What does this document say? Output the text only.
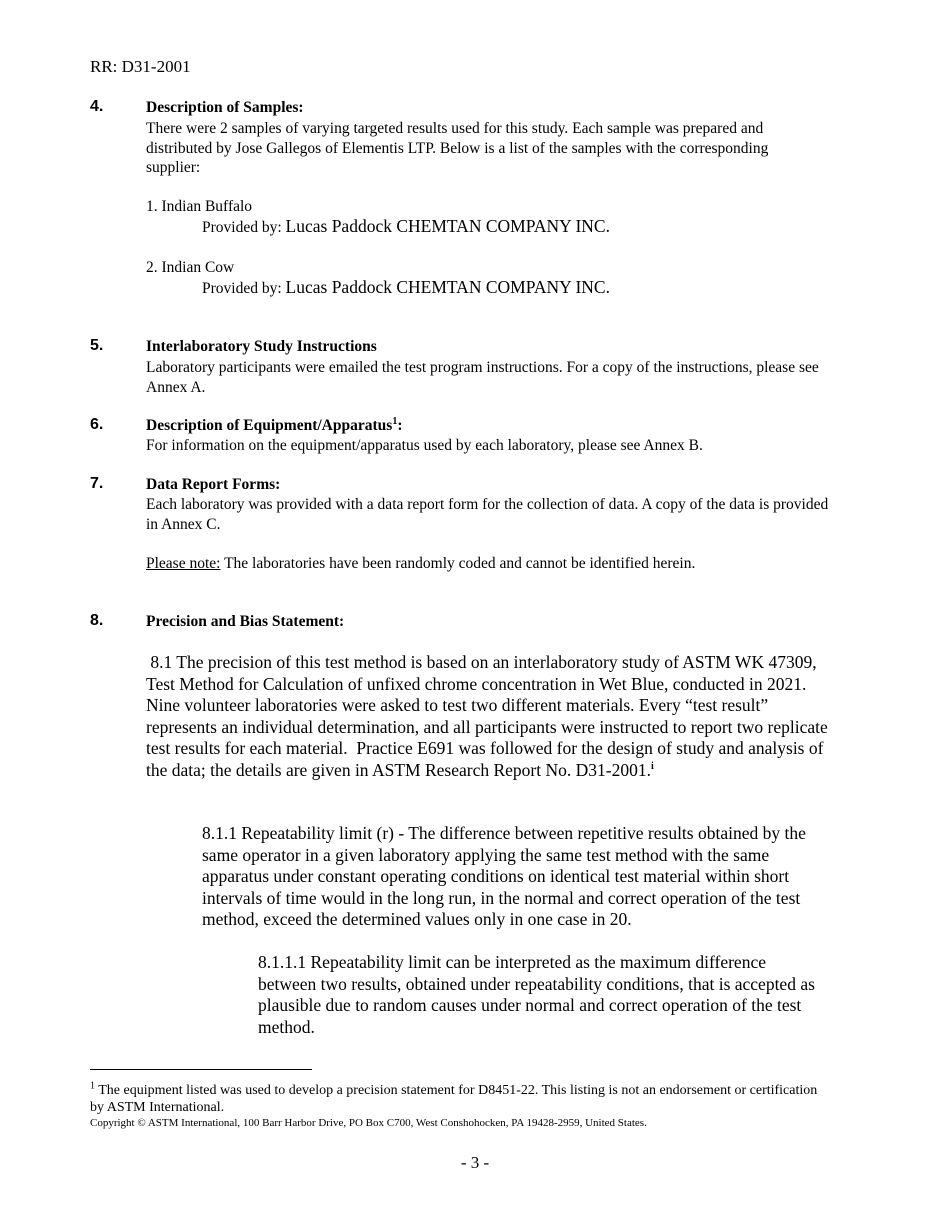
RR: D31-2001
4.	Description of Samples:
There were 2 samples of varying targeted results used for this study. Each sample was prepared and distributed by Jose Gallegos of Elementis LTP. Below is a list of the samples with the corresponding supplier:
1. Indian Buffalo
Provided by: Lucas Paddock CHEMTAN COMPANY INC.
2. Indian Cow
Provided by: Lucas Paddock CHEMTAN COMPANY INC.
5.	Interlaboratory Study Instructions
Laboratory participants were emailed the test program instructions. For a copy of the instructions, please see Annex A.
6.	Description of Equipment/Apparatus$^1$:
For information on the equipment/apparatus used by each laboratory, please see Annex B.
7.	Data Report Forms:
Each laboratory was provided with a data report form for the collection of data. A copy of the data is provided in Annex C.
Please note: The laboratories have been randomly coded and cannot be identified herein.
8.	Precision and Bias Statement:
8.1 The precision of this test method is based on an interlaboratory study of ASTM WK 47309, Test Method for Calculation of unfixed chrome concentration in Wet Blue, conducted in 2021.  Nine volunteer laboratories were asked to test two different materials. Every “test result” represents an individual determination, and all participants were instructed to report two replicate test results for each material.  Practice E691 was followed for the design of study and analysis of the data; the details are given in ASTM Research Report No. D31-2001.$^i$
8.1.1 Repeatability limit (r) - The difference between repetitive results obtained by the same operator in a given laboratory applying the same test method with the same apparatus under constant operating conditions on identical test material within short intervals of time would in the long run, in the normal and correct operation of the test method, exceed the determined values only in one case in 20.
8.1.1.1 Repeatability limit can be interpreted as the maximum difference between two results, obtained under repeatability conditions, that is accepted as plausible due to random causes under normal and correct operation of the test method.
$^1$ The equipment listed was used to develop a precision statement for D8451-22. This listing is not an endorsement or certification by ASTM International.
Copyright © ASTM International, 100 Barr Harbor Drive, PO Box C700, West Conshohocken, PA 19428-2959, United States.
- 3 -
